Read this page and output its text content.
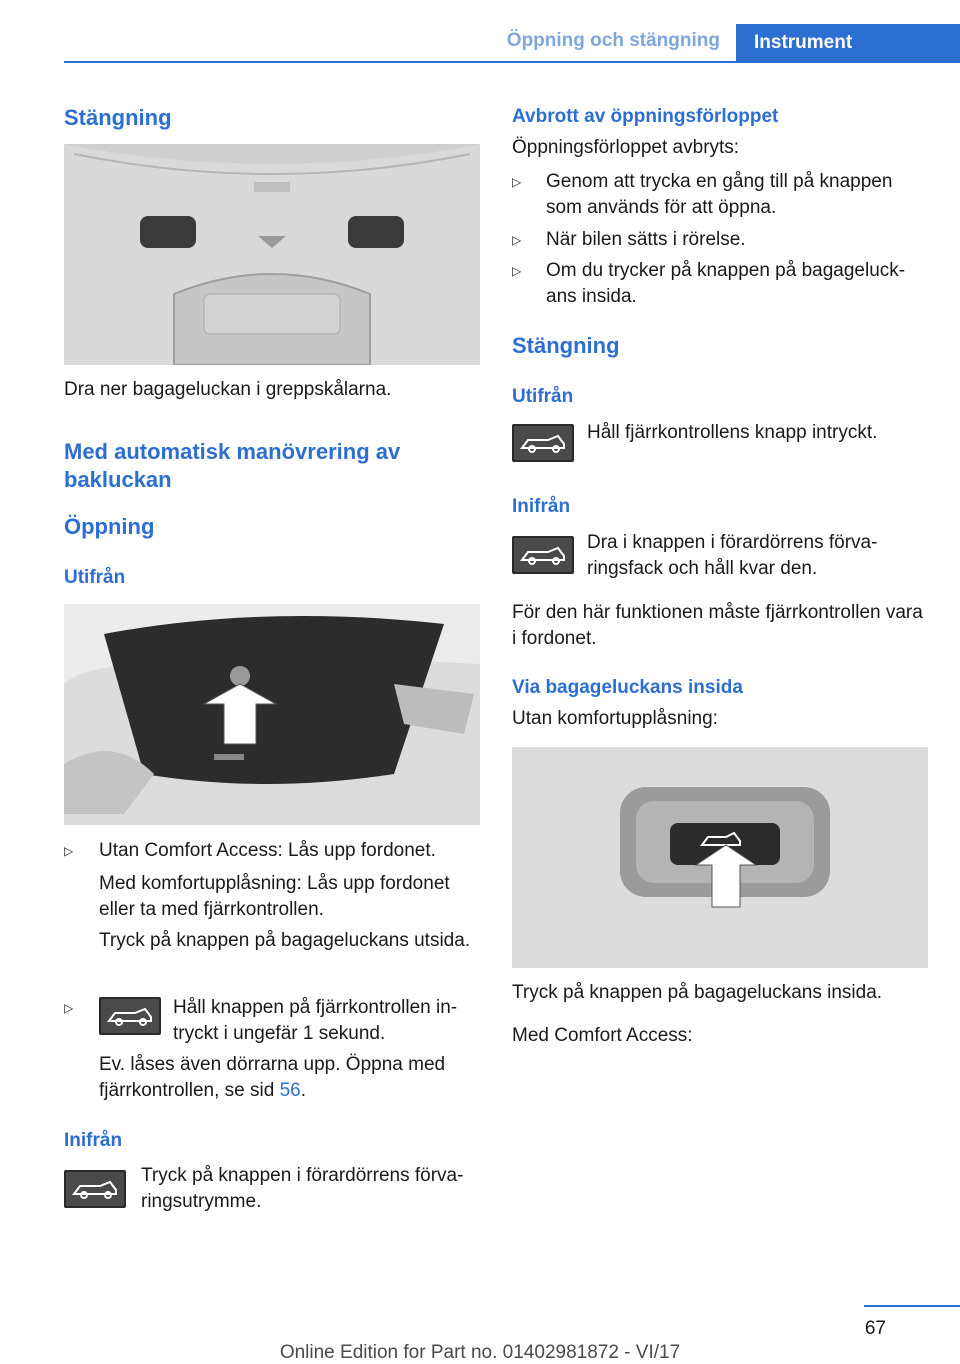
Öppning och stängning	Instrument
Stängning

Dra ner bagageluckan i greppskålarna.

Med automatisk manövrering av bakluckan
Öppning
Utifrån
▷ Utan Comfort Access: Lås upp fordonet.

Med komfortupplåsning: Lås upp fordonet eller ta med fjärrkontrollen.

Tryck på knappen på bagageluckans utsida.

▷	Håll knappen på fjärrkontrollen intryckt i ungefär 1 sekund.

Ev. låses även dörrarna upp. Öppna med fjärrkontrollen, se sid 56.

Inifrån

Tryck på knappen i förardörrens förvaringsutrymme.

Avbrott av öppningsförloppet

Öppningsförloppet avbryts:

▷ Genom att trycka en gång till på knappen som används för att öppna.

▷ När bilen sätts i rörelse.

▷ Om du trycker på knappen på bagageluckans insida.

Stängning
Utifrån

Håll fjärrkontrollens knapp intryckt.

Inifrån

Dra i knappen i förardörrens förvaringsfack och håll kvar den.

För den här funktionen måste fjärrkontrollen vara i fordonet.

Via bagageluckans insida

Utan komfortupplåsning:

Tryck på knappen på bagageluckans insida.

Med Comfort Access:

67
Online Edition for Part no. 01402981872 - VI/17
